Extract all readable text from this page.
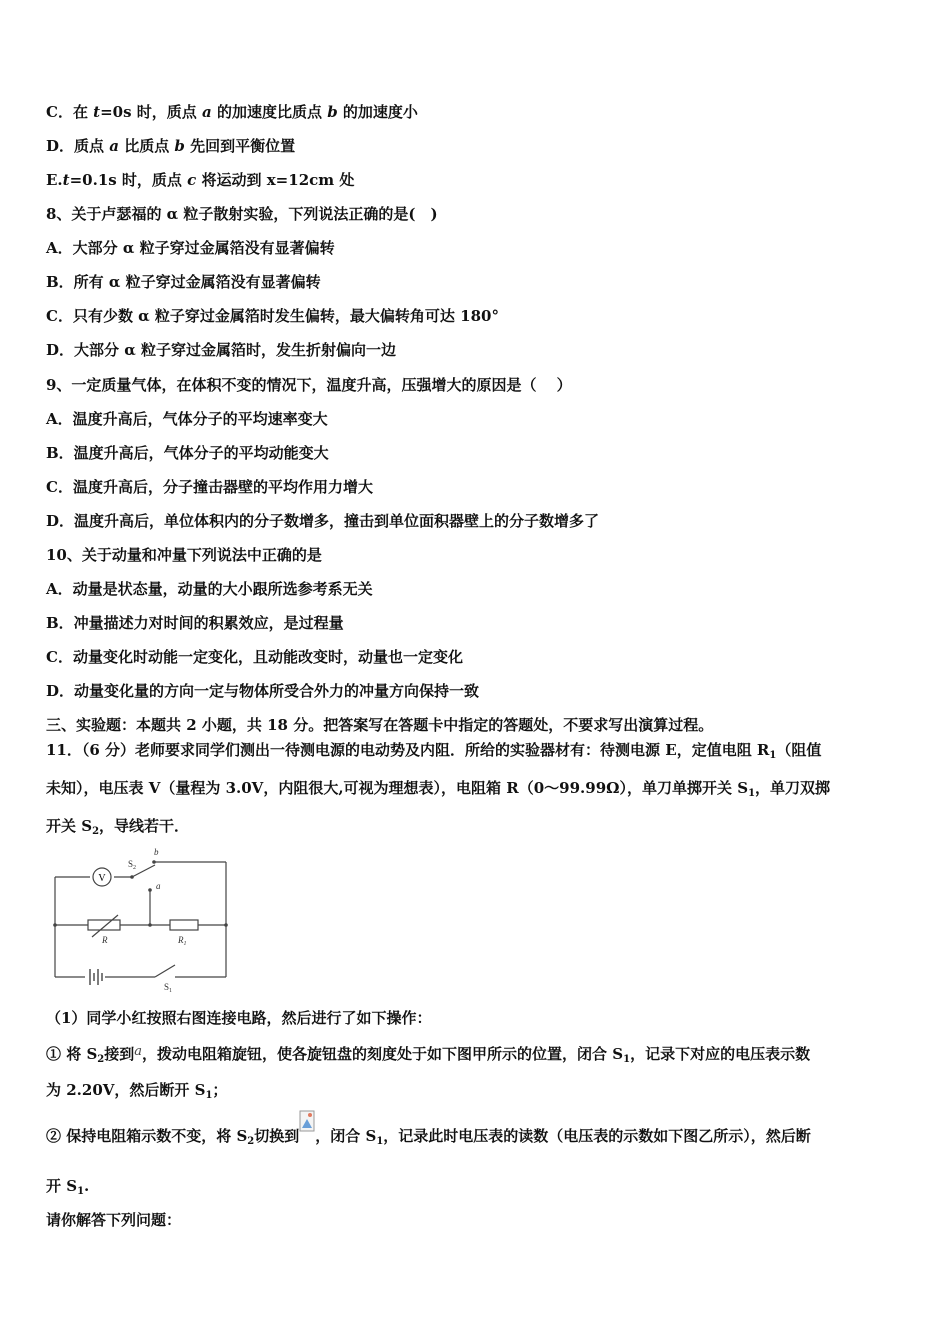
C．在 t=0s 时，质点 a 的加速度比质点 b 的加速度小
D．质点 a 比质点 b 先回到平衡位置
E.t=0.1s 时，质点 c 将运动到 x=12cm 处
8、关于卢瑟福的 α 粒子散射实验，下列说法正确的是(　)
A．大部分 α 粒子穿过金属箔没有显著偏转
B．所有 α 粒子穿过金属箔没有显著偏转
C．只有少数 α 粒子穿过金属箔时发生偏转，最大偏转角可达 180°
D．大部分 α 粒子穿过金属箔时，发生折射偏向一边
9、一定质量气体，在体积不变的情况下，温度升高，压强增大的原因是（　 ）
A．温度升高后，气体分子的平均速率变大
B．温度升高后，气体分子的平均动能变大
C．温度升高后，分子撞击器壁的平均作用力增大
D．温度升高后，单位体积内的分子数增多，撞击到单位面积器壁上的分子数增多了
10、关于动量和冲量下列说法中正确的是
A．动量是状态量，动量的大小跟所选参考系无关
B．冲量描述力对时间的积累效应，是过程量
C．动量变化时动能一定变化，且动能改变时，动量也一定变化
D．动量变化量的方向一定与物体所受合外力的冲量方向保持一致
三、实验题：本题共 2 小题，共 18 分。把答案写在答题卡中指定的答题处，不要求写出演算过程。
11．（6 分）老师要求同学们测出一待测电源的电动势及内阻．所给的实验器材有：待测电源 E，定值电阻 $R_1$（阻值
未知），电压表 V（量程为 3.0V，内阻很大,可视为理想表），电阻箱 R（0～99.99Ω），单刀单掷开关 $S_1$，单刀双掷
开关 $S_2$，导线若干．
V
$S_2$
b
a
R	$R_1$
$S_1$
（1）同学小红按照右图连接电路，然后进行了如下操作：
① 将 $S_2$接到a，拨动电阻箱旋钮，使各旋钮盘的刻度处于如下图甲所示的位置，闭合 $S_1$，记录下对应的电压表示数
为 2.20V，然后断开 $S_1$；
② 保持电阻箱示数不变，将 $S_2$切换到 ，闭合 $S_1$，记录此时电压表的读数（电压表的示数如下图乙所示），然后断
开 $S_1$.
请你解答下列问题：
